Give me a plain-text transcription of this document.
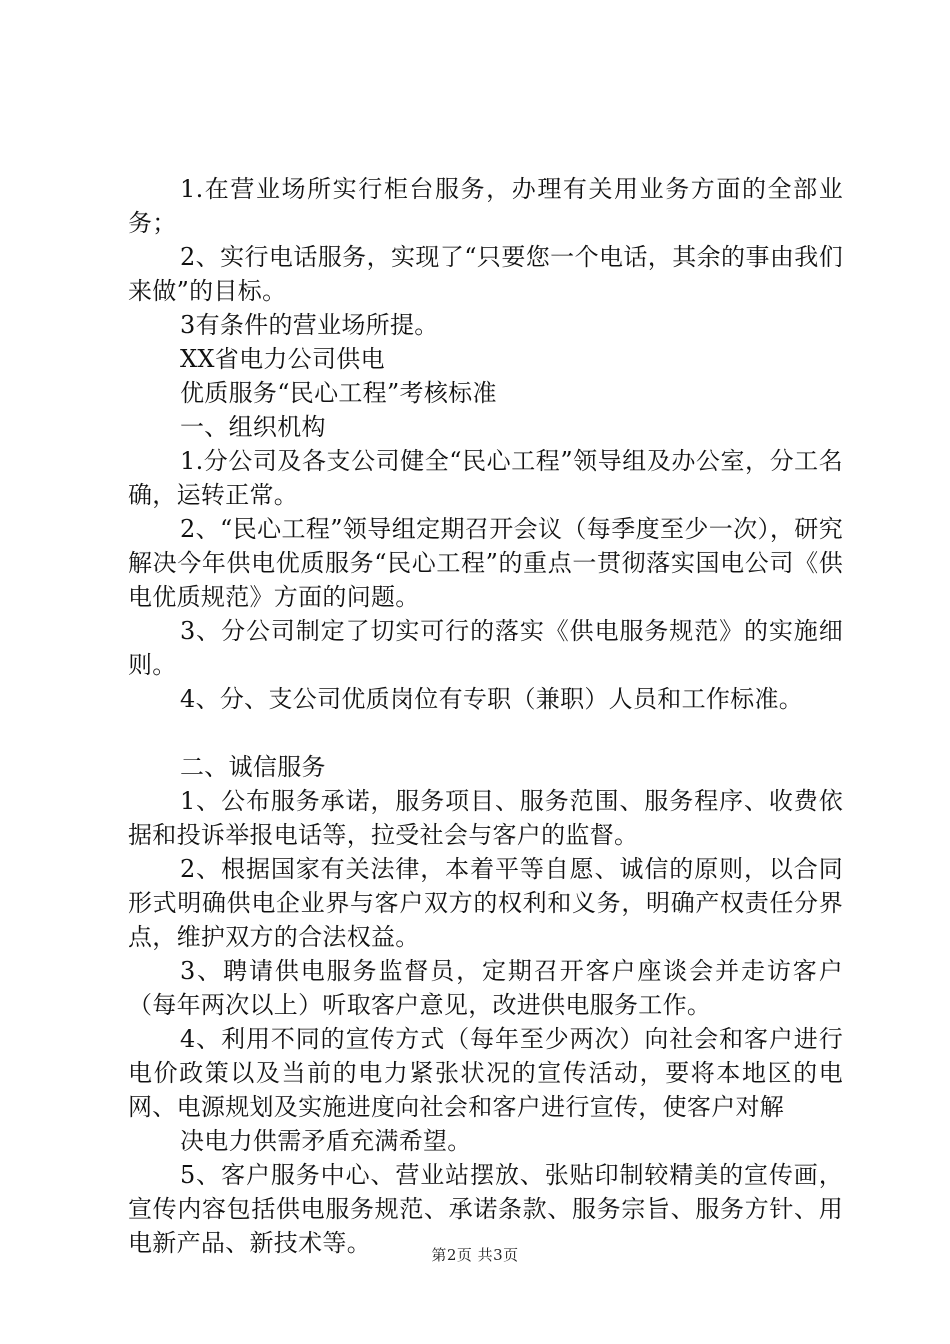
1.在营业场所实行柜台服务，办理有关用业务方面的全部业务；

2、实行电话服务，实现了“只要您一个电话，其余的事由我们来做”的目标。

3有条件的营业场所提。

XX省电力公司供电

优质服务“民心工程”考核标准

一、组织机构

1.分公司及各支公司健全“民心工程”领导组及办公室，分工名确，运转正常。

2、“民心工程”领导组定期召开会议（每季度至少一次），研究解决今年供电优质服务“民心工程”的重点一贯彻落实国电公司《供电优质规范》方面的问题。

3、分公司制定了切实可行的落实《供电服务规范》的实施细则。

4、分、支公司优质岗位有专职（兼职）人员和工作标准。

二、诚信服务

1、公布服务承诺，服务项目、服务范围、服务程序、收费依据和投诉举报电话等，拉受社会与客户的监督。

2、根据国家有关法律，本着平等自愿、诚信的原则，以合同形式明确供电企业界与客户双方的权利和义务，明确产权责任分界点，维护双方的合法权益。

3、聘请供电服务监督员，定期召开客户座谈会并走访客户（每年两次以上）听取客户意见，改进供电服务工作。

4、利用不同的宣传方式（每年至少两次）向社会和客户进行电价政策以及当前的电力紧张状况的宣传活动，要将本地区的电网、电源规划及实施进度向社会和客户进行宣传，使客户对解

决电力供需矛盾充满希望。

5、客户服务中心、营业站摆放、张贴印制较精美的宣传画，宣传内容包括供电服务规范、承诺条款、服务宗旨、服务方针、用电新产品、新技术等。	第2页 共3页
